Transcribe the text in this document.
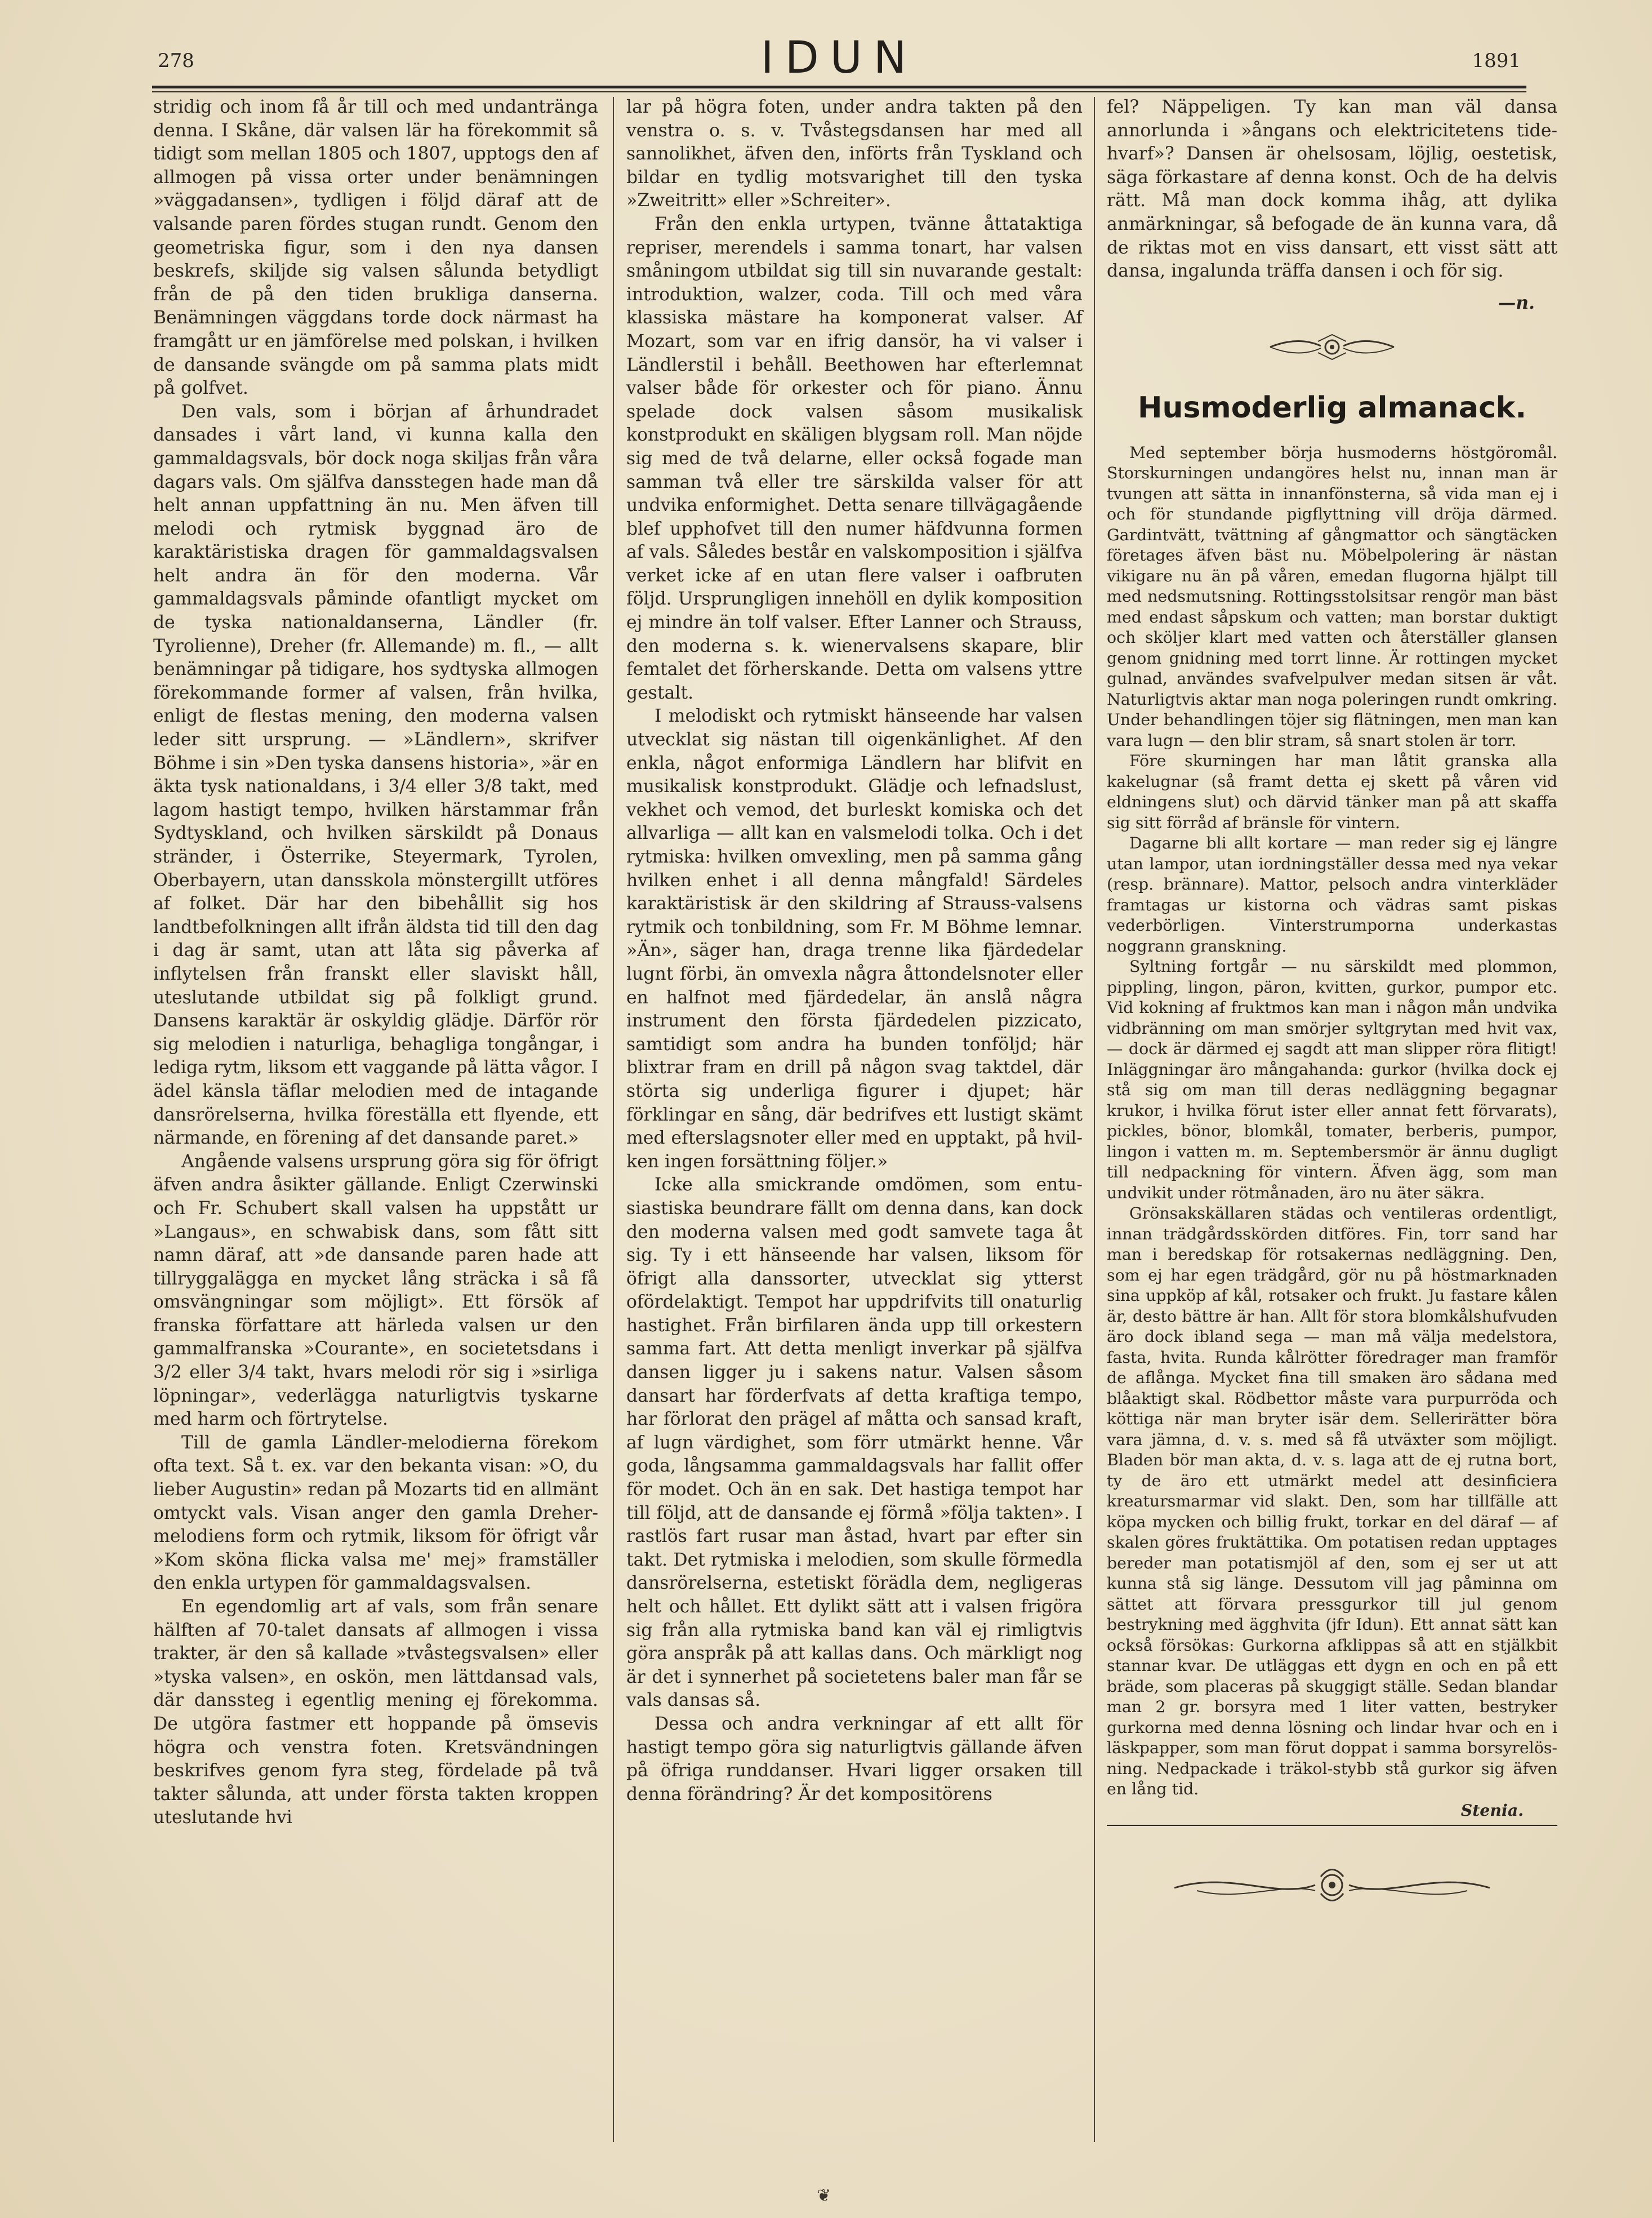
278	IDUN	1891

stridig och inom få år till och med undantränga denna. I Skåne, där valsen lär ha förekommit så tidigt som mellan 1805 och 1807, upptogs den af allmogen på vissa orter under benämningen »väggadansen», tydligen i följd däraf att de valsande paren fördes stugan rundt. Genom den geometriska figur, som i den nya dansen beskrefs, skiljde sig valsen sålunda betydligt från de på den tiden brukliga danserna. Benämningen väggdans torde dock närmast ha framgått ur en jämförelse med polskan, i hvilken de dansande svängde om på samma plats midt på golfvet.

Den vals, som i början af århundradet dansades i vårt land, vi kunna kalla den gammaldagsvals, bör dock noga skiljas från våra dagars vals. Om själfva dansstegen hade man då helt annan uppfattning än nu. Men äfven till melodi och rytmisk byggnad äro de karaktäristiska dragen för gammaldagsvalsen helt andra än för den moderna. Vår gammaldagsvals påminde ofantligt mycket om de tyska nationaldanserna, Ländler (fr. Tyrolienne), Dreher (fr. Allemande) m. fl., — allt benämningar på tidigare, hos sydtyska allmogen förekommande former af valsen, från hvilka, enligt de flestas mening, den moderna valsen leder sitt ursprung. — »Ländlern», skrifver Böhme i sin »Den tyska dansens historia», »är en äkta tysk nationaldans, i 3/4 eller 3/8 takt, med lagom hastigt tempo, hvilken härstammar från Sydtyskland, och hvilken särskildt på Donaus stränder, i Österrike, Steyermark, Tyrolen, Oberbayern, utan dansskola mönstergillt utföres af folket. Där har den bibehållit sig hos landtbefolkningen allt ifrån äldsta tid till den dag i dag är samt, utan att låta sig påverka af inflytelsen från franskt eller slaviskt håll, uteslutande utbildat sig på folkligt grund. Dansens karaktär är oskyldig glädje. Därför rör sig melodien i naturliga, behagliga tongångar, i lediga rytm, liksom ett vaggande på lätta vågor. I ädel känsla täflar melodien med de intagande dansrörelserna, hvilka föreställa ett flyende, ett närmande, en förening af det dansande paret.»

Angående valsens ursprung göra sig för öfrigt äfven andra åsikter gällande. Enligt Czerwinski och Fr. Schubert skall valsen ha uppstått ur »Langaus», en schwabisk dans, som fått sitt namn däraf, att »de dansande paren hade att tillryggalägga en mycket lång sträcka i så få omsvängningar som möjligt». Ett försök af franska författare att härleda valsen ur den gammalfranska »Courante», en societetsdans i 3/2 eller 3/4 takt, hvars melodi rör sig i »sirliga löpningar», vederlägga naturligtvis tyskarne med harm och förtrytelse.

Till de gamla Ländler-melodierna förekom ofta text. Så t. ex. var den bekanta visan: »O, du lieber Augustin» redan på Mozarts tid en allmänt omtyckt vals. Visan anger den gamla Dreher-melodiens form och rytmik, liksom för öfrigt vår »Kom sköna flicka valsa me' mej» framställer den enkla urtypen för gammaldagsvalsen.

En egendomlig art af vals, som från senare hälften af 70-talet dansats af allmogen i vissa trakter, är den så kallade »tvåstegsvalsen» eller »tyska valsen», en oskön, men lättdansad vals, där danssteg i egentlig mening ej förekomma. De utgöra fastmer ett hoppande på ömsevis högra och venstra foten. Kretsvändningen beskrifves genom fyra steg, fördelade på två takter sålunda, att under första takten kroppen uteslutande hvi

lar på högra foten, under andra takten på den venstra o. s. v. Tvåstegsdansen har med all sannolikhet, äfven den, införts från Tyskland och bildar en tydlig motsvarighet till den tyska »Zweitritt» eller »Schreiter».

Från den enkla urtypen, tvänne åttataktiga repriser, merendels i samma tonart, har valsen småningom utbildat sig till sin nuvarande gestalt: introduktion, walzer, coda. Till och med våra klassiska mästare ha komponerat valser. Af Mozart, som var en ifrig dansör, ha vi valser i Ländlerstil i behåll. Beethowen har efterlemnat valser både för orkester och för piano. Ännu spelade dock valsen såsom musikalisk konstprodukt en skäligen blygsam roll. Man nöjde sig med de två delarne, eller också fogade man samman två eller tre särskilda valser för att undvika enformighet. Detta senare tillvägagående blef upphofvet till den numer häfdvunna formen af vals. Således består en valskomposition i själfva verket icke af en utan flere valser i oafbruten följd. Ursprungligen innehöll en dylik komposition ej mindre än tolf valser. Efter Lanner och Strauss, den moderna s. k. wienervalsens skapare, blir femtalet det förherskande. Detta om valsens yttre gestalt.

I melodiskt och rytmiskt hänseende har valsen utvecklat sig nästan till oigenkänlighet. Af den enkla, något enformiga Ländlern har blifvit en musikalisk konstprodukt. Glädje och lefnadslust, vekhet och vemod, det burleskt komiska och det allvarliga — allt kan en valsmelodi tolka. Och i det rytmiska: hvilken omvexling, men på samma gång hvilken enhet i all denna mångfald! Särdeles karaktäristisk är den skildring af Strauss-valsens rytmik och tonbildning, som Fr. M Böhme lemnar. »Än», säger han, draga trenne lika fjärdedelar lugnt förbi, än omvexla några åttondelsnoter eller en halfnot med fjärdedelar, än anslå några instrument den första fjärdedelen pizzicato, samtidigt som andra ha bunden tonföljd; här blixtrar fram en drill på någon svag taktdel, där störta sig underliga figurer i djupet; här förklingar en sång, där bedrifves ett lustigt skämt med efterslagsnoter eller med en upptakt, på hvilken ingen forsättning följer.»

Icke alla smickrande omdömen, som entusiastiska beundrare fällt om denna dans, kan dock den moderna valsen med godt samvete taga åt sig. Ty i ett hänseende har valsen, liksom för öfrigt alla danssorter, utvecklat sig ytterst ofördelaktigt. Tempot har uppdrifvits till onaturlig hastighet. Från birfilaren ända upp till orkestern samma fart. Att detta menligt inverkar på själfva dansen ligger ju i sakens natur. Valsen såsom dansart har förderfvats af detta kraftiga tempo, har förlorat den prägel af måtta och sansad kraft, af lugn värdighet, som förr utmärkt henne. Vår goda, långsamma gammaldagsvals har fallit offer för modet. Och än en sak. Det hastiga tempot har till följd, att de dansande ej förmå »följa takten». I rastlös fart rusar man åstad, hvart par efter sin takt. Det rytmiska i melodien, som skulle förmedla dansrörelserna, estetiskt förädla dem, negligeras helt och hållet. Ett dylikt sätt att i valsen frigöra sig från alla rytmiska band kan väl ej rimligtvis göra anspråk på att kallas dans. Och märkligt nog är det i synnerhet på societetens baler man får se vals dansas så.

Dessa och andra verkningar af ett allt för hastigt tempo göra sig naturligtvis gällande äfven på öfriga runddanser. Hvari ligger orsaken till denna förändring? Är det kompositörens

fel? Näppeligen. Ty kan man väl dansa annorlunda i »ångans och elektricitetens tidehvarf»? Dansen är ohelsosam, löjlig, oestetisk, säga förkastare af denna konst. Och de ha delvis rätt. Må man dock komma ihåg, att dylika anmärkningar, så befogade de än kunna vara, då de riktas mot en viss dansart, ett visst sätt att dansa, ingalunda träffa dansen i och för sig.

—n.
Husmoderlig almanack.

Med september börja husmoderns höstgöromål. Storskurningen undangöres helst nu, innan man är tvungen att sätta in innanfönsterna, så vida man ej i och för stundande pigflyttning vill dröja därmed. Gardintvätt, tvättning af gångmattor och sängtäcken företages äfven bäst nu. Möbelpolering är nästan vikigare nu än på våren, emedan flugorna hjälpt till med nedsmutsning. Rottingsstolsitsar rengör man bäst med endast såpskum och vatten; man borstar duktigt och sköljer klart med vatten och återställer glansen genom gnidning med torrt linne. Är rottingen mycket gulnad, användes svafvelpulver medan sitsen är våt. Naturligtvis aktar man noga poleringen rundt omkring. Under behandlingen töjer sig flätningen, men man kan vara lugn — den blir stram, så snart stolen är torr.

Före skurningen har man låtit granska alla kakelugnar (så framt detta ej skett på våren vid eldningens slut) och därvid tänker man på att skaffa sig sitt förråd af bränsle för vintern.

Dagarne bli allt kortare — man reder sig ej längre utan lampor, utan iordningställer dessa med nya vekar (resp. brännare). Mattor, pelsoch andra vinterkläder framtagas ur kistorna och vädras samt piskas vederbörligen. Vinterstrumporna underkastas noggrann granskning.

Syltning fortgår — nu särskildt med plommon, pippling, lingon, päron, kvitten, gurkor, pumpor etc. Vid kokning af fruktmos kan man i någon mån undvika vidbränning om man smörjer syltgrytan med hvit vax, — dock är därmed ej sagdt att man slipper röra flitigt! Inläggningar äro mångahanda: gurkor (hvilka dock ej stå sig om man till deras nedläggning begagnar krukor, i hvilka förut ister eller annat fett förvarats), pickles, bönor, blomkål, tomater, berberis, pumpor, lingon i vatten m. m. Septembersmör är ännu dugligt till nedpackning för vintern. Äfven ägg, som man undvikit under rötmånaden, äro nu äter säkra.

Grönsakskällaren städas och ventileras ordentligt, innan trädgårdsskörden ditföres. Fin, torr sand har man i beredskap för rotsakernas nedläggning. Den, som ej har egen trädgård, gör nu på höstmarknaden sina uppköp af kål, rotsaker och frukt. Ju fastare kålen är, desto bättre är han. Allt för stora blomkålshufvuden äro dock ibland sega — man må välja medelstora, fasta, hvita. Runda kålrötter föredrager man framför de aflånga. Mycket fina till smaken äro sådana med blåaktigt skal. Rödbettor måste vara purpurröda och köttiga när man bryter isär dem. Sellerirätter böra vara jämna, d. v. s. med så få utväxter som möjligt. Bladen bör man akta, d. v. s. laga att de ej rutna bort, ty de äro ett utmärkt medel att desinficiera kreatursmarmar vid slakt. Den, som har tillfälle att köpa mycken och billig frukt, torkar en del däraf — af skalen göres fruktättika. Om potatisen redan upptages bereder man potatismjöl af den, som ej ser ut att kunna stå sig länge. Dessutom vill jag påminna om sättet att förvara pressgurkor till jul genom bestrykning med ägghvita (jfr Idun). Ett annat sätt kan också försökas: Gurkorna afklippas så att en stjälkbit stannar kvar. De utläggas ett dygn en och en på ett bräde, som placeras på skuggigt ställe. Sedan blandar man 2 gr. borsyra med 1 liter vatten, bestryker gurkorna med denna lösning och lindar hvar och en i läskpapper, som man förut doppat i samma borsyrelösning. Nedpackade i träkol-stybb stå gurkor sig äfven en lång tid.

Stenia.
❦
